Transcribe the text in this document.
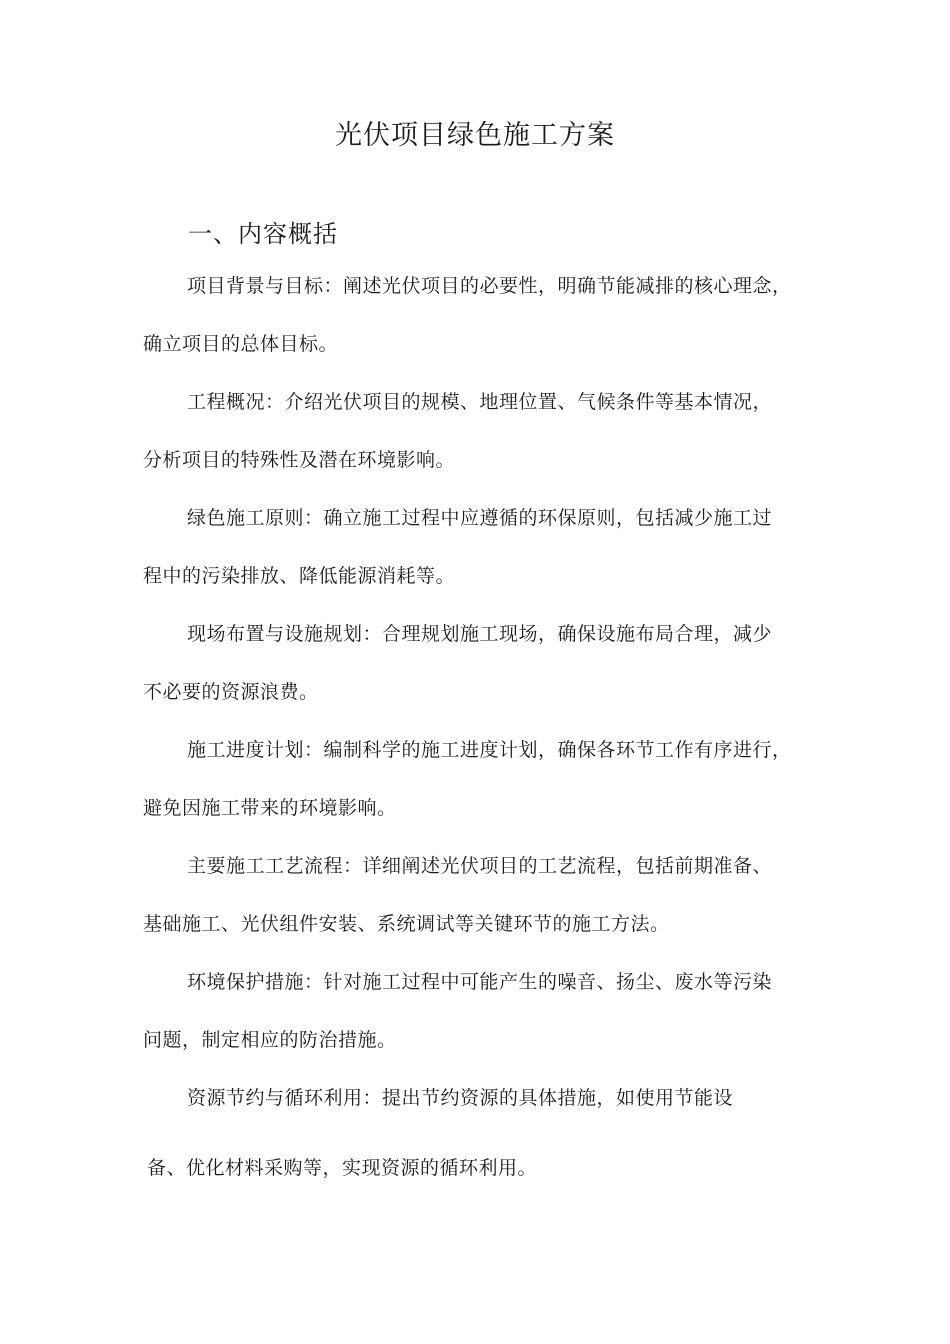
光伏项目绿色施工方案
一、内容概括
项目背景与目标：阐述光伏项目的必要性，明确节能减排的核心理念，
确立项目的总体目标。
工程概况：介绍光伏项目的规模、地理位置、气候条件等基本情况，
分析项目的特殊性及潜在环境影响。
绿色施工原则：确立施工过程中应遵循的环保原则，包括减少施工过
程中的污染排放、降低能源消耗等。
现场布置与设施规划：合理规划施工现场，确保设施布局合理，减少
不必要的资源浪费。
施工进度计划：编制科学的施工进度计划，确保各环节工作有序进行，
避免因施工带来的环境影响。
主要施工工艺流程：详细阐述光伏项目的工艺流程，包括前期准备、
基础施工、光伏组件安装、系统调试等关键环节的施工方法。
环境保护措施：针对施工过程中可能产生的噪音、扬尘、废水等污染
问题，制定相应的防治措施。
资源节约与循环利用：提出节约资源的具体措施，如使用节能设
备、优化材料采购等，实现资源的循环利用。
